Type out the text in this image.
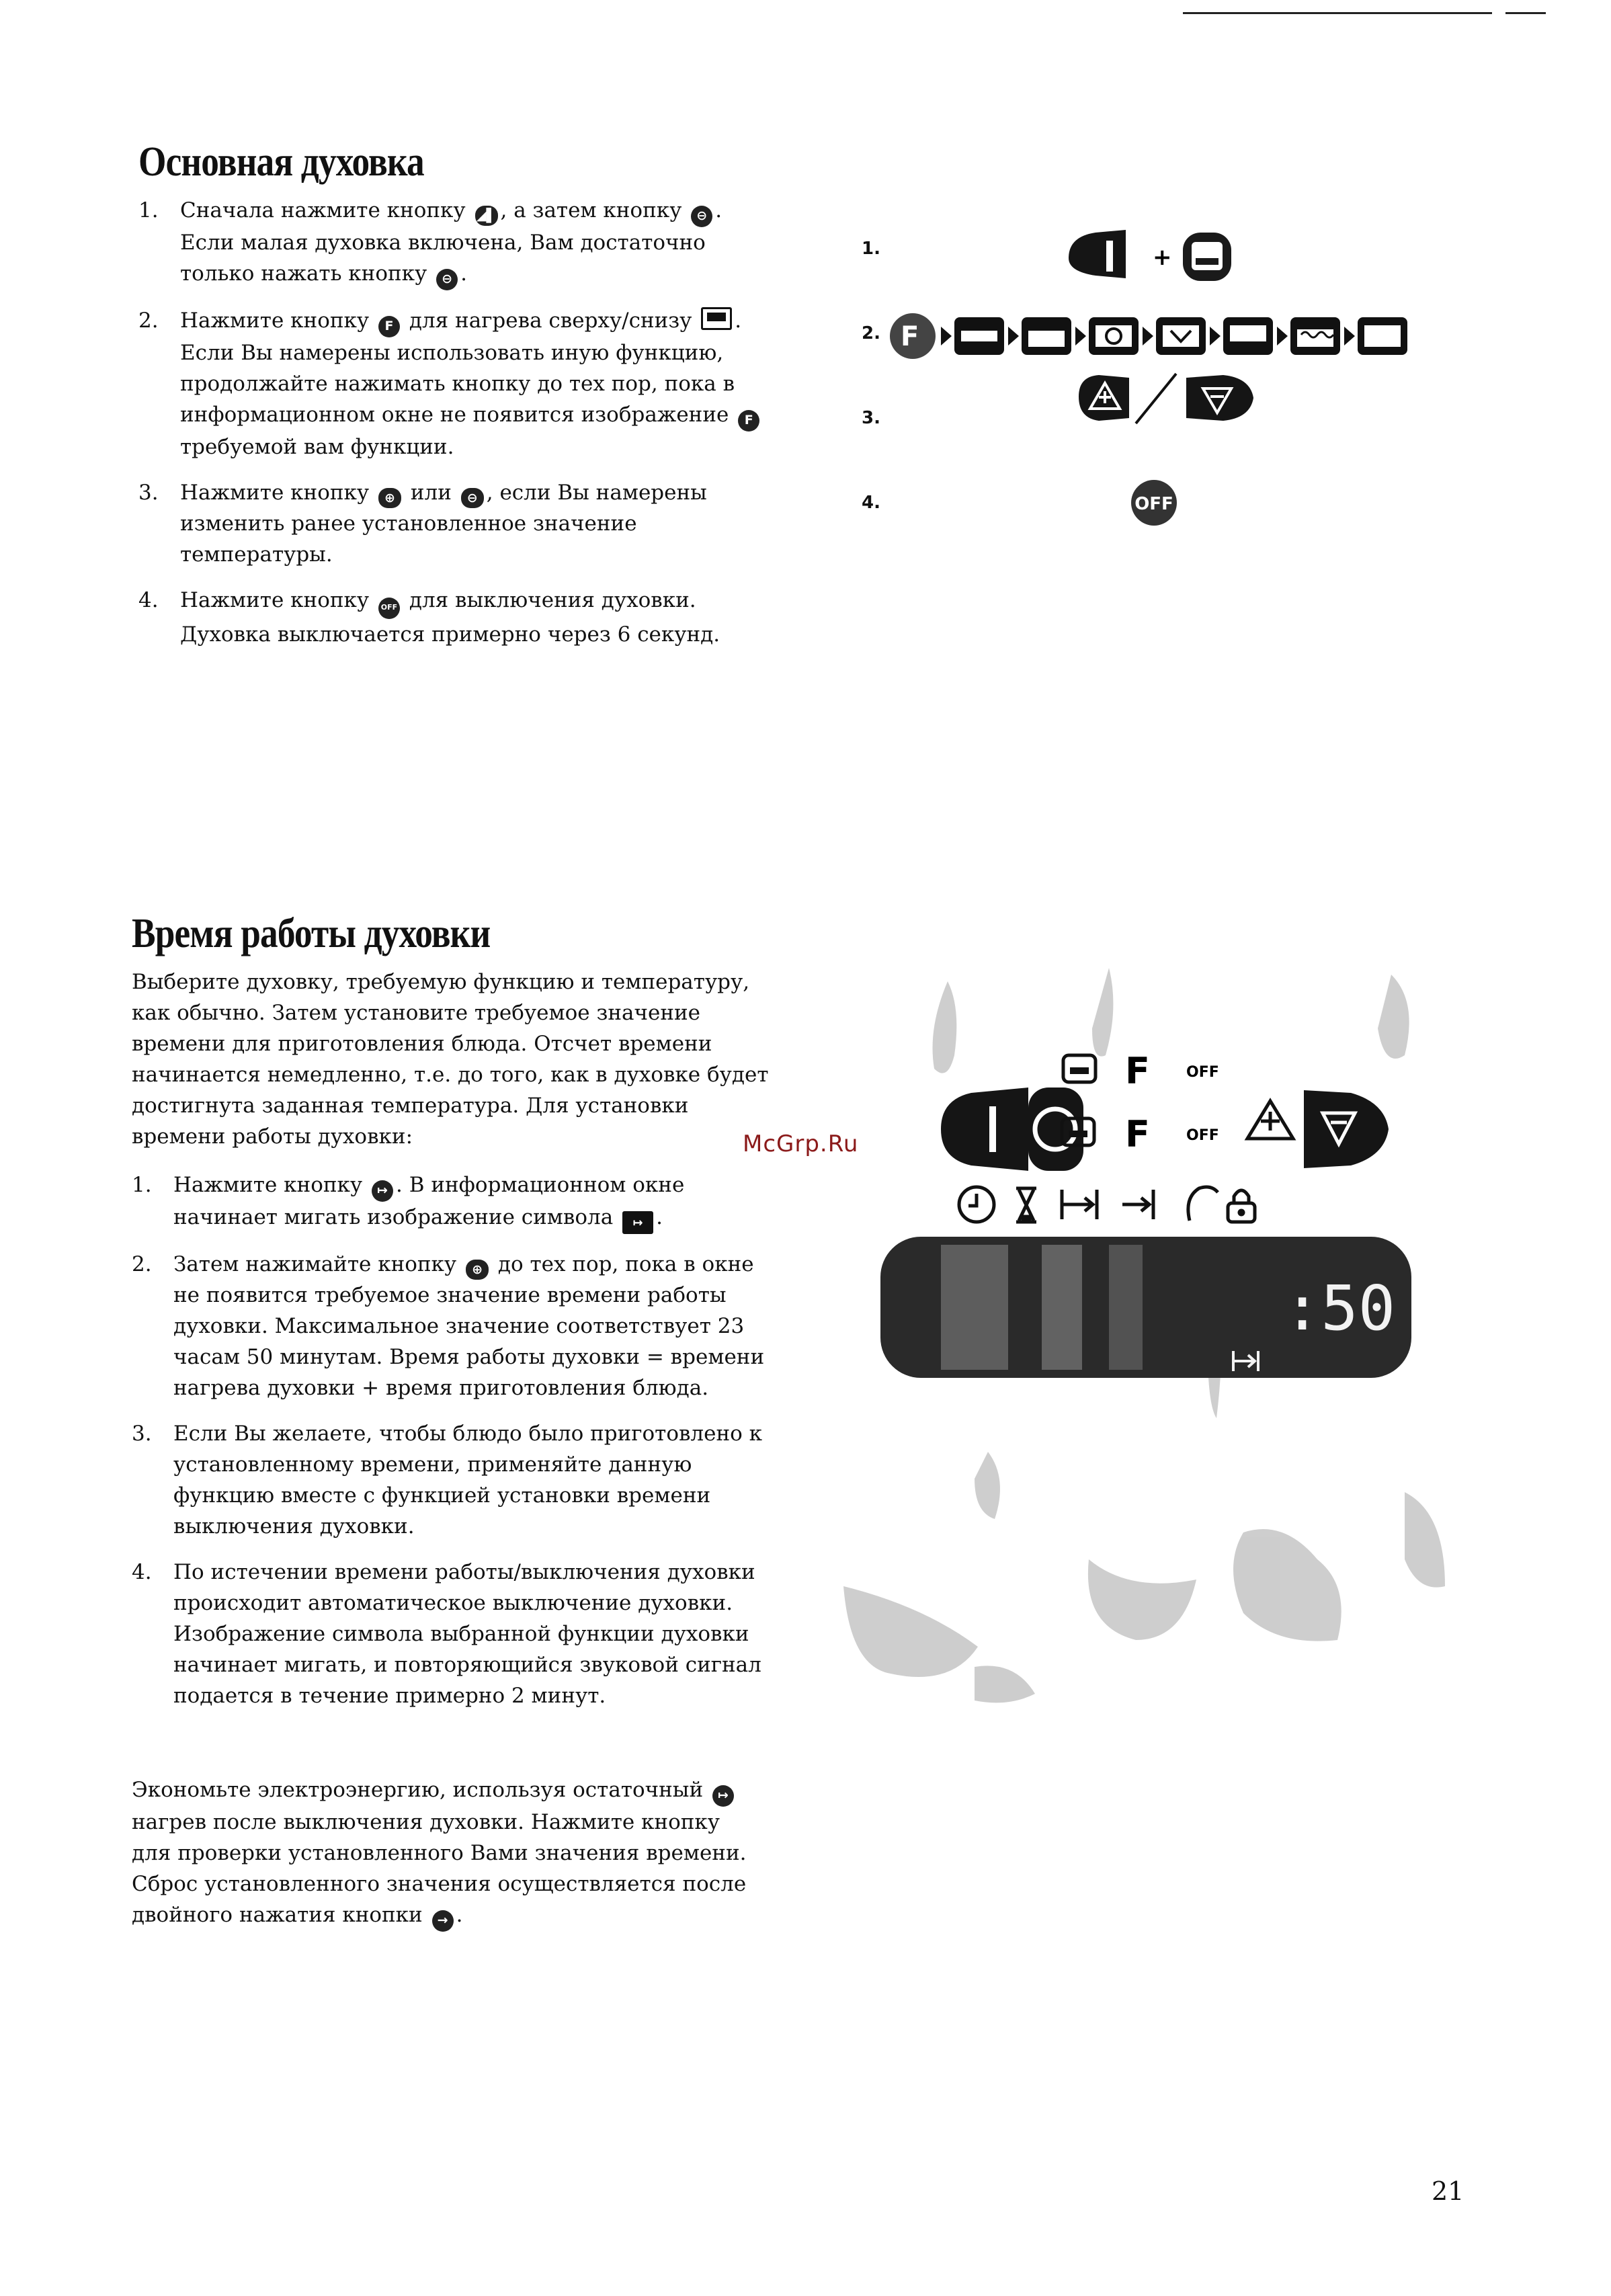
Основная духовка
1. Сначала нажмите кнопку ◢▌ , а затем кнопку ⊖ .
Если малая духовка включена, Вам достаточно
только нажать кнопку ⊖ .
2. Нажмите кнопку F для нагрева сверху/снизу .
Если Вы намерены использовать иную функцию,
продолжайте нажимать кнопку до тех пор, пока в
информационном окне не появится изображение F
требуемой вам функции.
3. Нажмите кнопку ⊕ или ⊖ , если Вы намерены
изменить ранее установленное значение
температуры.
4. Нажмите кнопку OFF для выключения духовки.
Духовка выключается примерно через 6 секунд.
1.
2.
3.
4.
+
F
OFF
Время работы духовки

Выберите духовку, требуемую функцию и температуру,
как обычно. Затем установите требуемое значение
времени для приготовления блюда. Отсчет времени
начинается немедленно, т.е. до того, как в духовке будет
достигнута заданная температура. Для установки
времени работы духовки:

1. Нажмите кнопку ↦ . В информационном окне
начинает мигать изображение символа ↦ .
2. Затем нажимайте кнопку ⊕ до тех пор, пока в окне
не появится требуемое значение времени работы
духовки. Максимальное значение соответствует 23
часам 50 минутам. Время работы духовки = времени
нагрева духовки + время приготовления блюда.
3. Если Вы желаете, чтобы блюдо было приготовлено к
установленному времени, применяйте данную
функцию вместе с функцией установки времени
выключения духовки.
4. По истечении времени работы/выключения духовки
происходит автоматическое выключение духовки.
Изображение символа выбранной функции духовки
начинает мигать, и повторяющийся звуковой сигнал
подается в течение примерно 2 минут.

Экономьте электроэнергию, используя остаточный ↦
нагрев после выключения духовки. Нажмите кнопку
для проверки установленного Вами значения времени.
Сброс установленного значения осуществляется после
двойного нажатия кнопки → .

F OFF
F OFF
:50
McGrp.Ru
21
